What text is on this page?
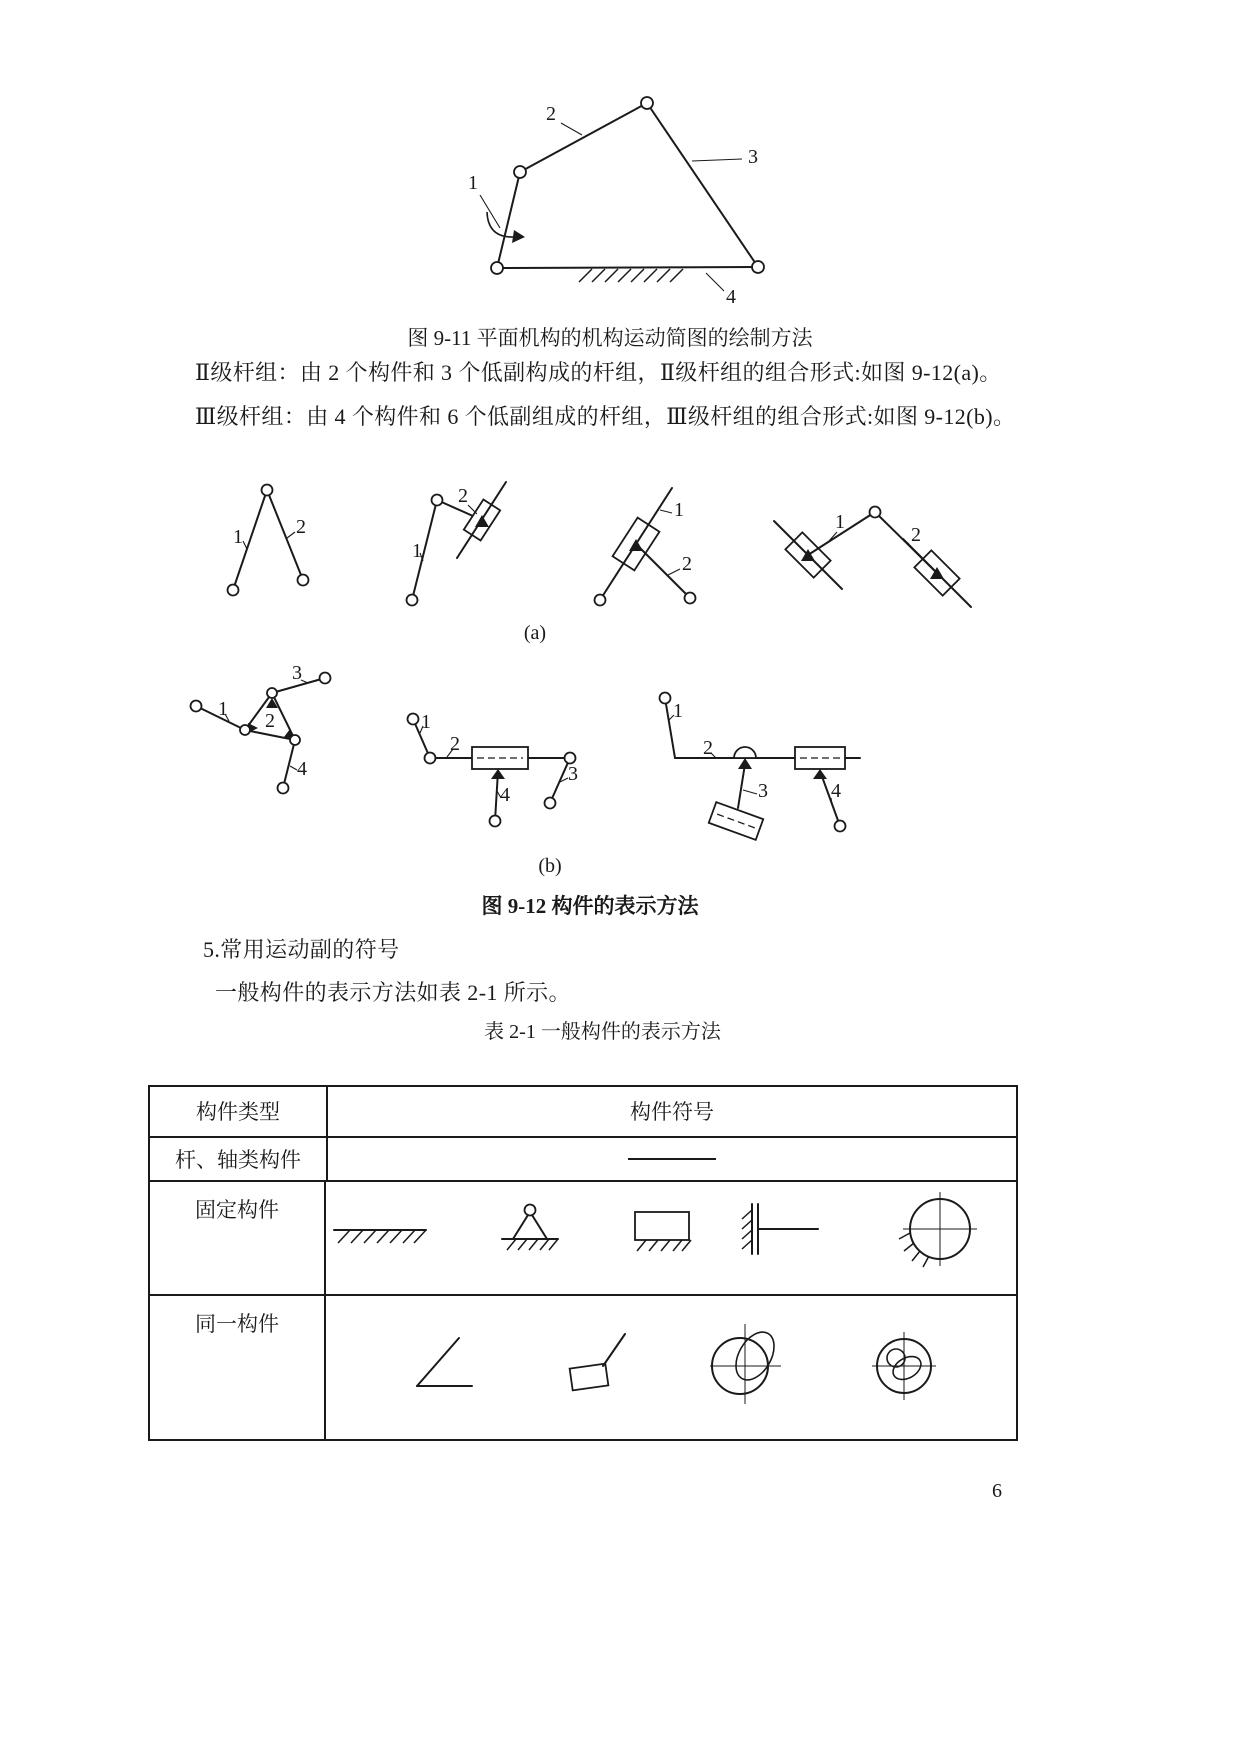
1
2
3
4
图 9-11 平面机构的机构运动简图的绘制方法
Ⅱ级杆组：由 2 个构件和 3 个低副构成的杆组，Ⅱ级杆组的组合形式:如图 9-12(a)。
Ⅲ级杆组：由 4 个构件和 6 个低副组成的杆组，Ⅲ级杆组的组合形式:如图 9-12(b)。
1	2
1
2
1
2
1
2
(a)
1
2
3
4
1
2
3
4
1
2
3	4
(b)
图 9-12 构件的表示方法
5.常用运动副的符号
一般构件的表示方法如表 2-1 所示。
表 2-1 一般构件的表示方法
构件类型	构件符号
杆、轴类构件
固定构件
同一构件
6
